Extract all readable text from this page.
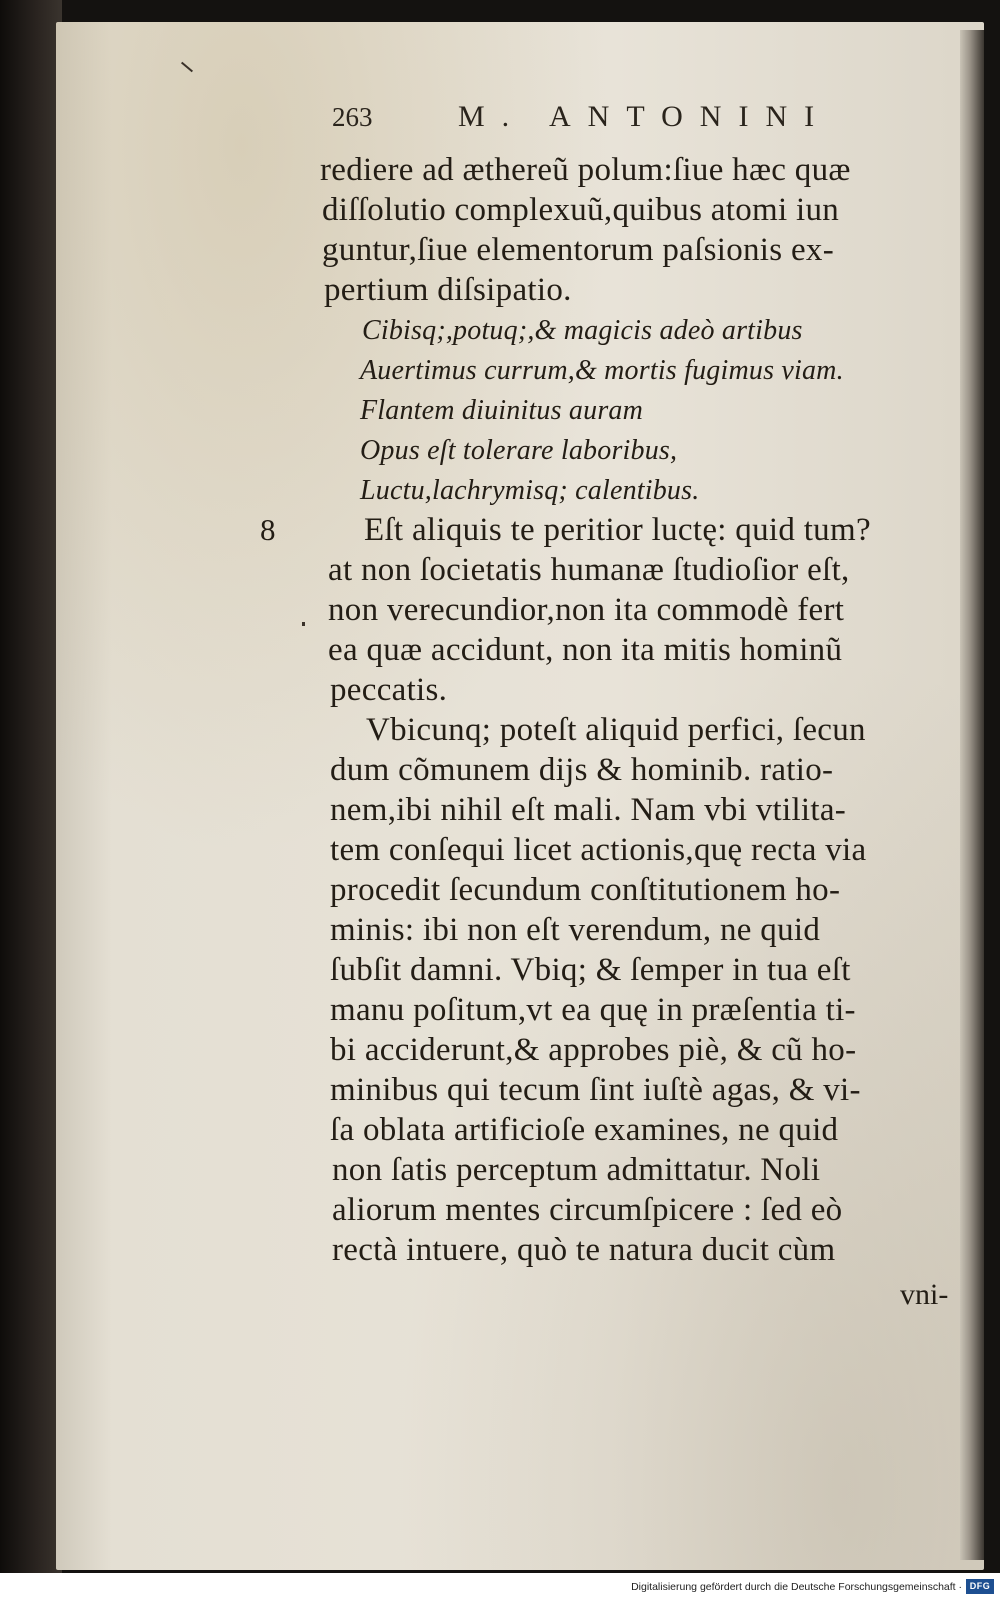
263	M. ANTONINI
rediere ad æthereũ polum:ſiue hæc quæ
diſſolutio complexuũ,quibus atomi iun
guntur,ſiue elementorum paſsionis ex-
pertium diſsipatio.
Cibisq;,potuq;,& magicis adeò artibus
Auertimus currum,& mortis fugimus viam.
Flantem diuinitus auram
Opus eſt tolerare laboribus,
Luctu,lachrymisq; calentibus.
8	Eſt aliquis te peritior luctę: quid tum?
at non ſocietatis humanæ ſtudioſior eſt,
non verecundior,non ita commodè fert
ea quæ accidunt, non ita mitis hominũ
peccatis.
Vbicunq; poteſt aliquid perfici, ſecun
dum cõmunem dijs & hominib. ratio-
nem,ibi nihil eſt mali. Nam vbi vtilita-
tem conſequi licet actionis,quę recta via
procedit ſecundum conſtitutionem ho-
minis: ibi non eſt verendum, ne quid
ſubſit damni. Vbiq; & ſemper in tua eſt
manu poſitum,vt ea quę in præſentia ti-
bi acciderunt,& approbes piè, & cũ ho-
minibus qui tecum ſint iuſtè agas, & vi-
ſa oblata artificioſe examines, ne quid
non ſatis perceptum admittatur. Noli
aliorum mentes circumſpicere : ſed eò
rectà intuere, quò te natura ducit cùm
vni-
Digitalisierung gefördert durch die Deutsche Forschungsgemeinschaft · DFG
